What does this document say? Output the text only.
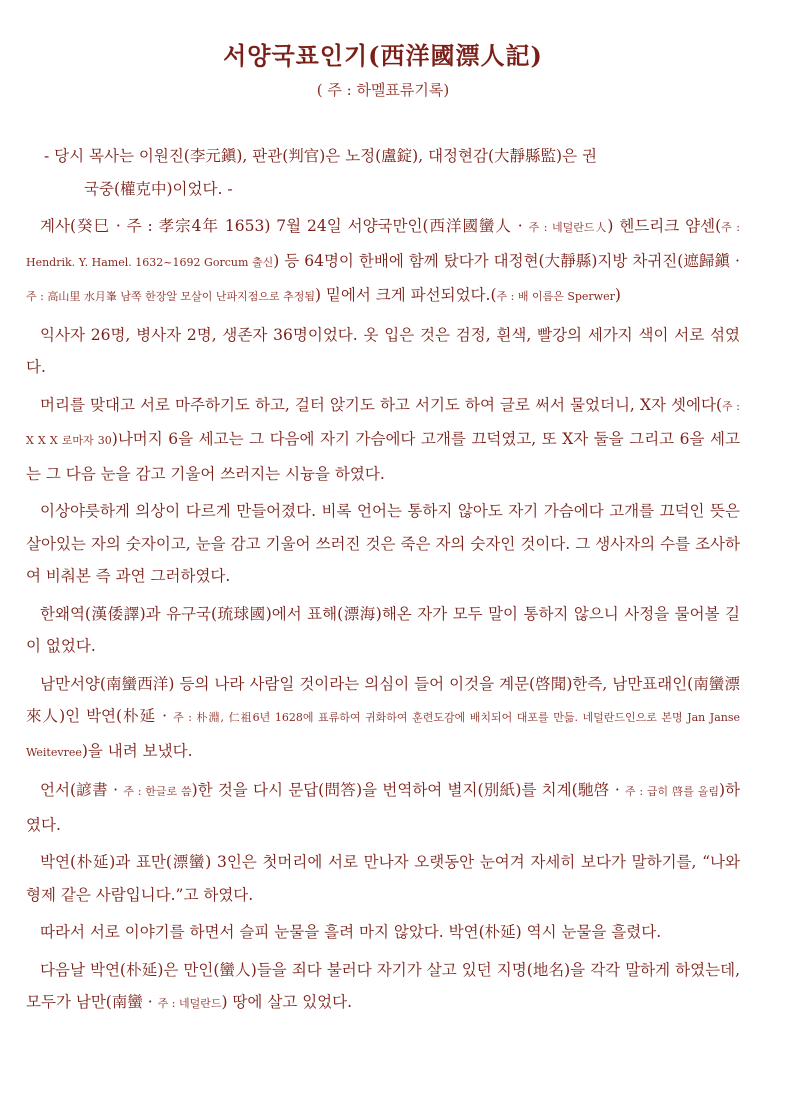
서양국표인기(西洋國漂人記)
( 주 : 하멜표류기록)
- 당시 목사는 이원진(李元鎭), 판관(判官)은 노정(盧錠), 대정현감(大靜縣監)은 권
국중(權克中)이었다. -
계사(癸巳 · 주 : 孝宗4年 1653) 7월 24일 서양국만인(西洋國蠻人 · 주 : 네덜란드人) 헨드리크 얌센(주 : Hendrik. Y. Hamel. 1632~1692 Gorcum 출신) 등 64명이 한배에 함께 탔다가 대정현(大靜縣)지방 차귀진(遮歸鎭 · 주 : 高山里 水月峯 남쪽 한장알 모살이 난파지점으로 추정됨) 밑에서 크게 파선되었다.(주 : 배 이름은 Sperwer)
익사자 26명, 병사자 2명, 생존자 36명이었다. 옷 입은 것은 검정, 흰색, 빨강의 세가지 색이 서로 섞였다.
머리를 맞대고 서로 마주하기도 하고, 걸터 앉기도 하고 서기도 하여 글로 써서 물었더니, X자 셋에다(주 : X X X 로마자 30)나머지 6을 세고는 그 다음에 자기 가슴에다 고개를 끄덕였고, 또 X자 둘을 그리고 6을 세고는 그 다음 눈을 감고 기울어 쓰러지는 시늉을 하였다.
이상야릇하게 의상이 다르게 만들어졌다. 비록 언어는 통하지 않아도 자기 가슴에다 고개를 끄덕인 뜻은 살아있는 자의 숫자이고, 눈을 감고 기울어 쓰러진 것은 죽은 자의 숫자인 것이다. 그 생사자의 수를 조사하여 비춰본 즉 과연 그러하였다.
한왜역(漢倭譯)과 유구국(琉球國)에서 표해(漂海)해온 자가 모두 말이 통하지 않으니 사정을 물어볼 길이 없었다.
남만서양(南蠻西洋) 등의 나라 사람일 것이라는 의심이 들어 이것을 계문(啓聞)한즉, 남만표래인(南蠻漂來人)인 박연(朴延 · 주 : 朴淵, 仁祖6년 1628에 표류하여 귀화하여 훈련도감에 배치되어 대포를 만듦. 네덜란드인으로 본명 Jan Janse Weitevree)을 내려 보냈다.
언서(諺書 · 주 : 한글로 씀)한 것을 다시 문답(問答)을 번역하여 별지(別紙)를 치계(馳啓 · 주 : 급히 啓를 올림)하였다.
박연(朴延)과 표만(漂蠻) 3인은 첫머리에 서로 만나자 오랫동안 눈여겨 자세히 보다가 말하기를, “나와 형제 같은 사람입니다.”고 하였다.
따라서 서로 이야기를 하면서 슬피 눈물을 흘려 마지 않았다. 박연(朴延) 역시 눈물을 흘렸다.
다음날 박연(朴延)은 만인(蠻人)들을 죄다 불러다 자기가 살고 있던 지명(地名)을 각각 말하게 하였는데, 모두가 남만(南蠻 · 주 : 네덜란드) 땅에 살고 있었다.
